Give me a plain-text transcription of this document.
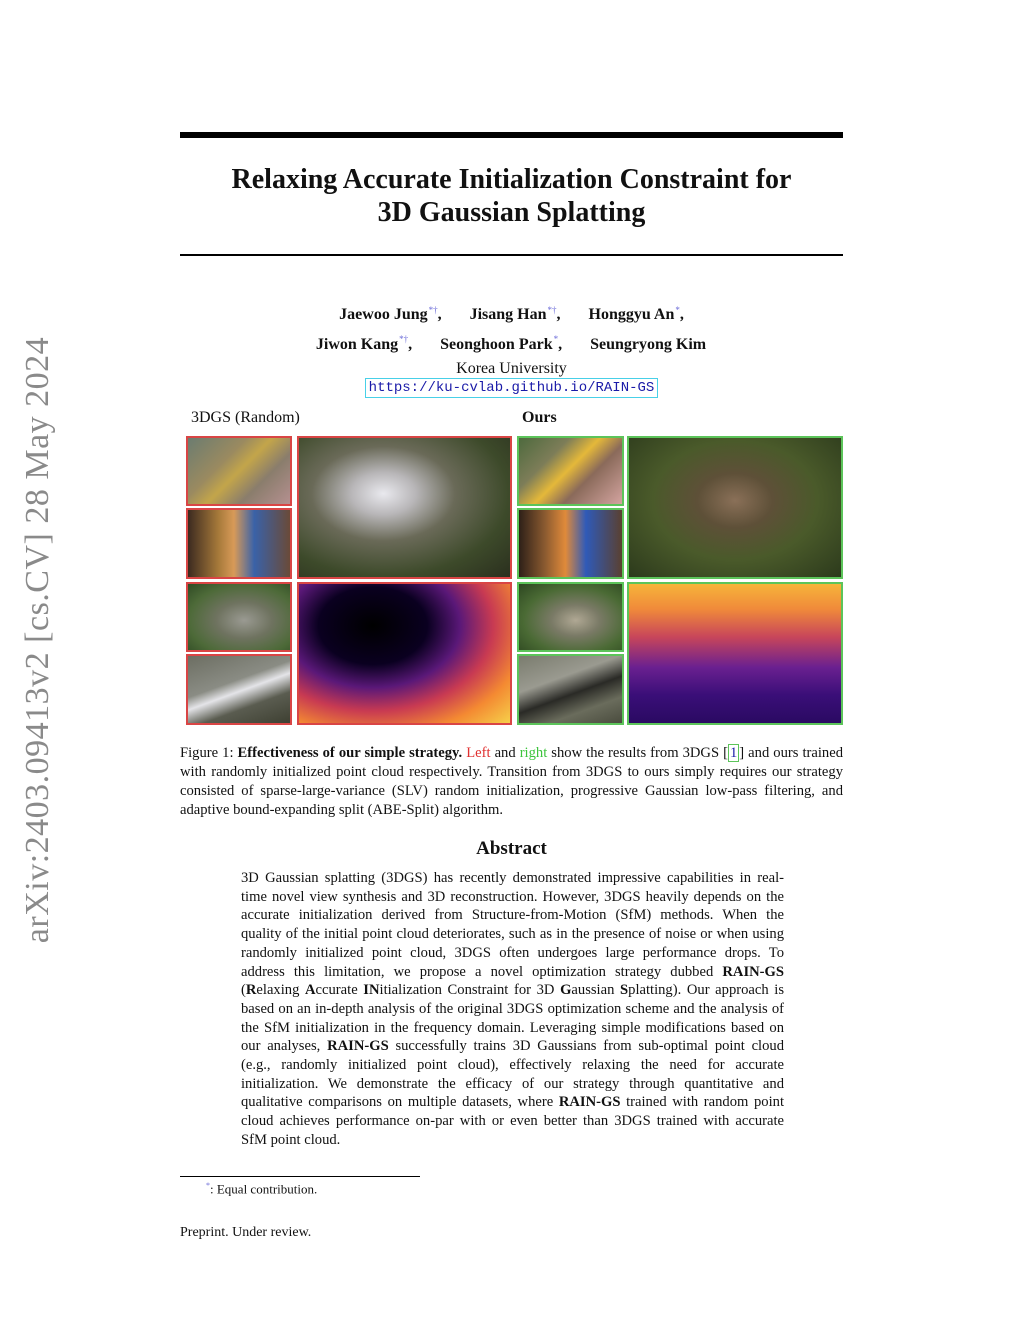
arXiv:2403.09413v2 [cs.CV] 28 May 2024
Relaxing Accurate Initialization Constraint for
3D Gaussian Splatting
Jaewoo Jung*†, Jisang Han*†, Honggyu An*,
Jiwon Kang*†, Seonghoon Park*, Seungryong Kim
Korea University
https://ku-cvlab.github.io/RAIN-GS
3DGS (Random)	Ours
Figure 1: Effectiveness of our simple strategy. Left and right show the results from 3DGS [ 1 ] and ours trained with randomly initialized point cloud respectively. Transition from 3DGS to ours simply requires our strategy consisted of sparse-large-variance (SLV) random initialization, progressive Gaussian low-pass filtering, and adaptive bound-expanding split (ABE-Split) algorithm.
Abstract
3D Gaussian splatting (3DGS) has recently demonstrated impressive capabilities in real-time novel view synthesis and 3D reconstruction. However, 3DGS heavily depends on the accurate initialization derived from Structure-from-Motion (SfM) methods. When the quality of the initial point cloud deteriorates, such as in the presence of noise or when using randomly initialized point cloud, 3DGS often undergoes large performance drops. To address this limitation, we propose a novel optimization strategy dubbed RAIN-GS (Relaxing Accurate INitialization Constraint for 3D Gaussian Splatting). Our approach is based on an in-depth analysis of the original 3DGS optimization scheme and the analysis of the SfM initialization in the frequency domain. Leveraging simple modifications based on our analyses, RAIN-GS successfully trains 3D Gaussians from sub-optimal point cloud (e.g., randomly initialized point cloud), effectively relaxing the need for accurate initialization. We demonstrate the efficacy of our strategy through quantitative and qualitative comparisons on multiple datasets, where RAIN-GS trained with random point cloud achieves performance on-par with or even better than 3DGS trained with accurate SfM point cloud.
*: Equal contribution.
Preprint. Under review.
